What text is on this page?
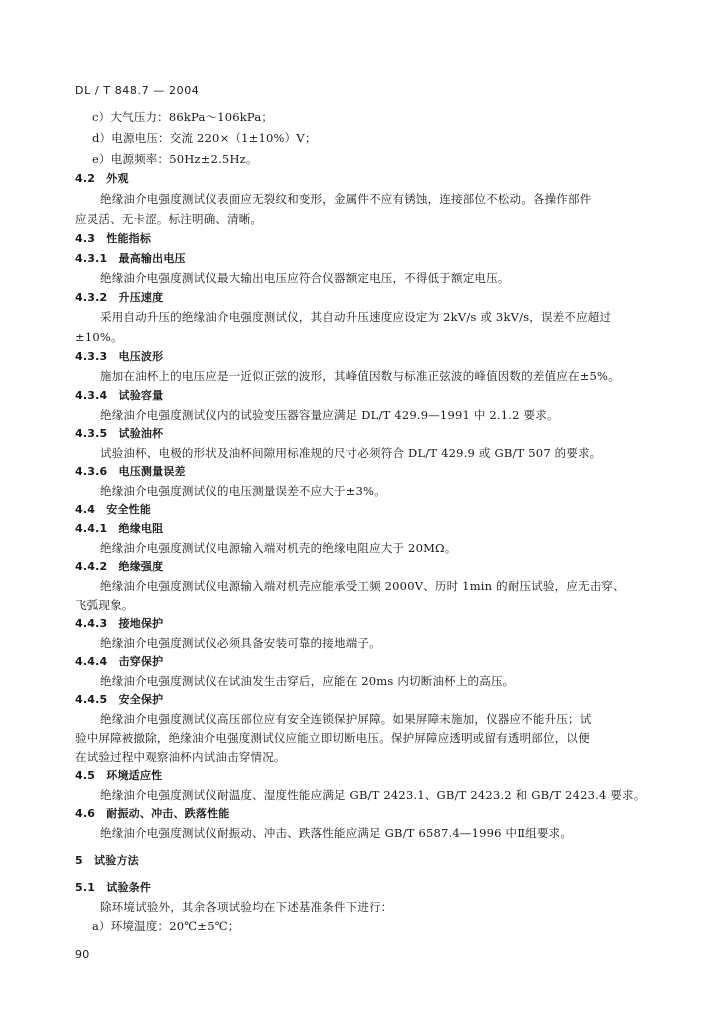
DL / T 848.7 — 2004
c）大气压力：86kPa～106kPa；
d）电源电压：交流 220×（1±10%）V；
e）电源频率：50Hz±2.5Hz。
4.2　外观
绝缘油介电强度测试仪表面应无裂纹和变形，金属件不应有锈蚀，连接部位不松动。各操作部件
应灵活、无卡涩。标注明确、清晰。
4.3　性能指标
4.3.1　最高输出电压
绝缘油介电强度测试仪最大输出电压应符合仪器额定电压，不得低于额定电压。
4.3.2　升压速度
采用自动升压的绝缘油介电强度测试仪，其自动升压速度应设定为 2kV/s 或 3kV/s，误差不应超过
±10%。
4.3.3　电压波形
施加在油杯上的电压应是一近似正弦的波形，其峰值因数与标准正弦波的峰值因数的差值应在±5%。
4.3.4　试验容量
绝缘油介电强度测试仪内的试验变压器容量应满足 DL/T 429.9—1991 中 2.1.2 要求。
4.3.5　试验油杯
试验油杯、电极的形状及油杯间隙用标准规的尺寸必须符合 DL/T 429.9 或 GB/T 507 的要求。
4.3.6　电压测量误差
绝缘油介电强度测试仪的电压测量误差不应大于±3%。
4.4　安全性能
4.4.1　绝缘电阻
绝缘油介电强度测试仪电源输入端对机壳的绝缘电阻应大于 20MΩ。
4.4.2　绝缘强度
绝缘油介电强度测试仪电源输入端对机壳应能承受工频 2000V、历时 1min 的耐压试验，应无击穿、
飞弧现象。
4.4.3　接地保护
绝缘油介电强度测试仪必须具备安装可靠的接地端子。
4.4.4　击穿保护
绝缘油介电强度测试仪在试油发生击穿后，应能在 20ms 内切断油杯上的高压。
4.4.5　安全保护
绝缘油介电强度测试仪高压部位应有安全连锁保护屏障。如果屏障未施加，仪器应不能升压；试
验中屏障被撤除，绝缘油介电强度测试仪应能立即切断电压。保护屏障应透明或留有透明部位，以便
在试验过程中观察油杯内试油击穿情况。
4.5　环境适应性
绝缘油介电强度测试仪耐温度、湿度性能应满足 GB/T 2423.1、GB/T 2423.2 和 GB/T 2423.4 要求。
4.6　耐振动、冲击、跌落性能
绝缘油介电强度测试仪耐振动、冲击、跌落性能应满足 GB/T 6587.4—1996 中Ⅱ组要求。
5　试验方法
5.1　试验条件
除环境试验外，其余各项试验均在下述基准条件下进行：
a）环境温度：20℃±5℃；
90
